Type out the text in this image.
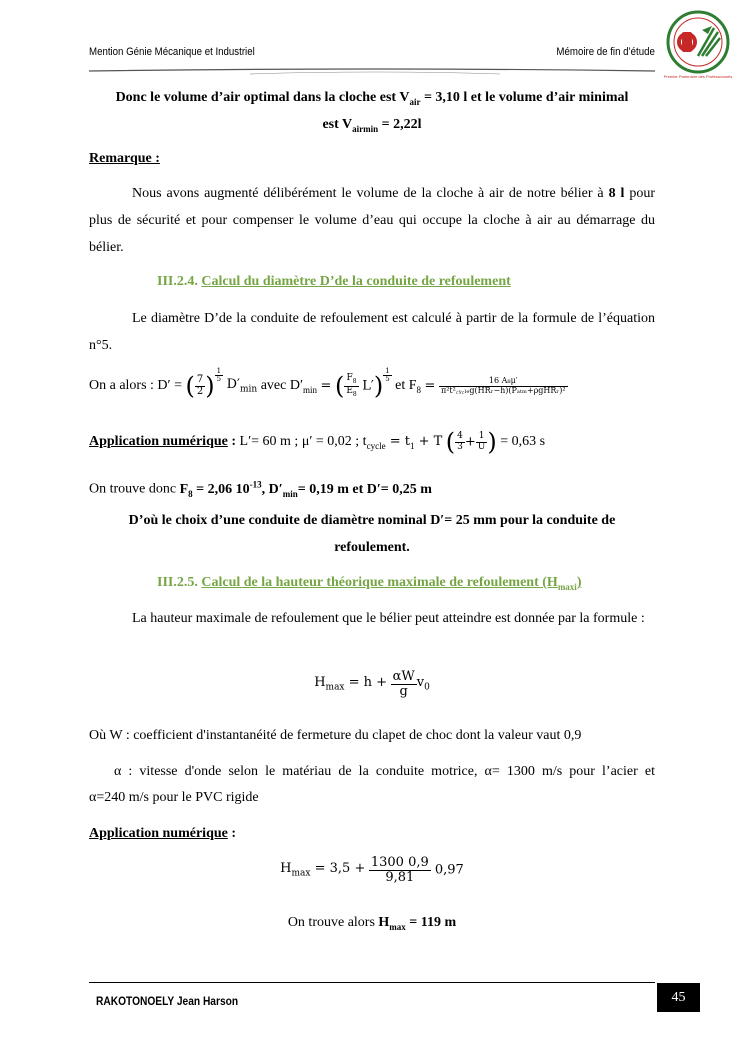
Mention Génie Mécanique et Industriel	Mémoire de fin d’étude
Premier Partenaire des Professionnels
Donc le volume d’air optimal dans la cloche est $V_{air} = 3,10$ l et le volume d’air minimal
est $V_{airmin} = 2,22l$
Remarque :
Nous avons augmenté délibérément le volume de la cloche à air de notre bélier à 8 l pour plus de sécurité et pour compenser le volume d’eau qui occupe la cloche à air au démarrage du bélier.
III.2.4. Calcul du diamètre D’de la conduite de refoulement
Le diamètre D’de la conduite de refoulement est calculé à partir de la formule de l’équation n°5.
On a alors : D′ = ( $\frac{7}{2}$ ) $\frac{1}{5}$
$D'_{min}$ avec $D'_{min}$ = ( $\frac{F_8}{E_8} L') \frac{1}{5}$
et $F_8 = \frac{\text{16 A₈μ′}}{\text{π²t²꜀ᵧ꜀ₗₑg(HRᵣ−h)(Pₐₜₘ+ρgHRᵣ)²}}$
Application numérique : L′= 60 m ; μ′ = 0,02 ; $t_{cycle} = t_1 + T$ ( $\frac{4}{3} + \frac{1}{U}$ ) = 0,63 s
On trouve donc $F_8 = 2,06$ $10^{-13}$, $D'_{min}= 0,19$ m et D′= 0,25 m
D’où le choix d’une conduite de diamètre nominal D′= 25 mm pour la conduite de
refoulement.
III.2.5. Calcul de la hauteur théorique maximale de refoulement $(H_{maxi})$
La hauteur maximale de refoulement que le bélier peut atteindre est donnée par la formule :
$H_{max} = h + \frac{\alpha W}{g} v_0$
Où W : coefficient d'instantanéité de fermeture du clapet de choc dont la valeur vaut 0,9
α : vitesse d'onde selon le matériau de la conduite motrice, α= 1300 m/s pour l’acier et
α=240 m/s pour le PVC rigide
Application numérique :
$H_{max} = 3,5 + \frac{1300 0,9}{9,81} 0,97$
On trouve alors $H_{max} = 119$ m
RAKOTONOELY Jean Harson	45
